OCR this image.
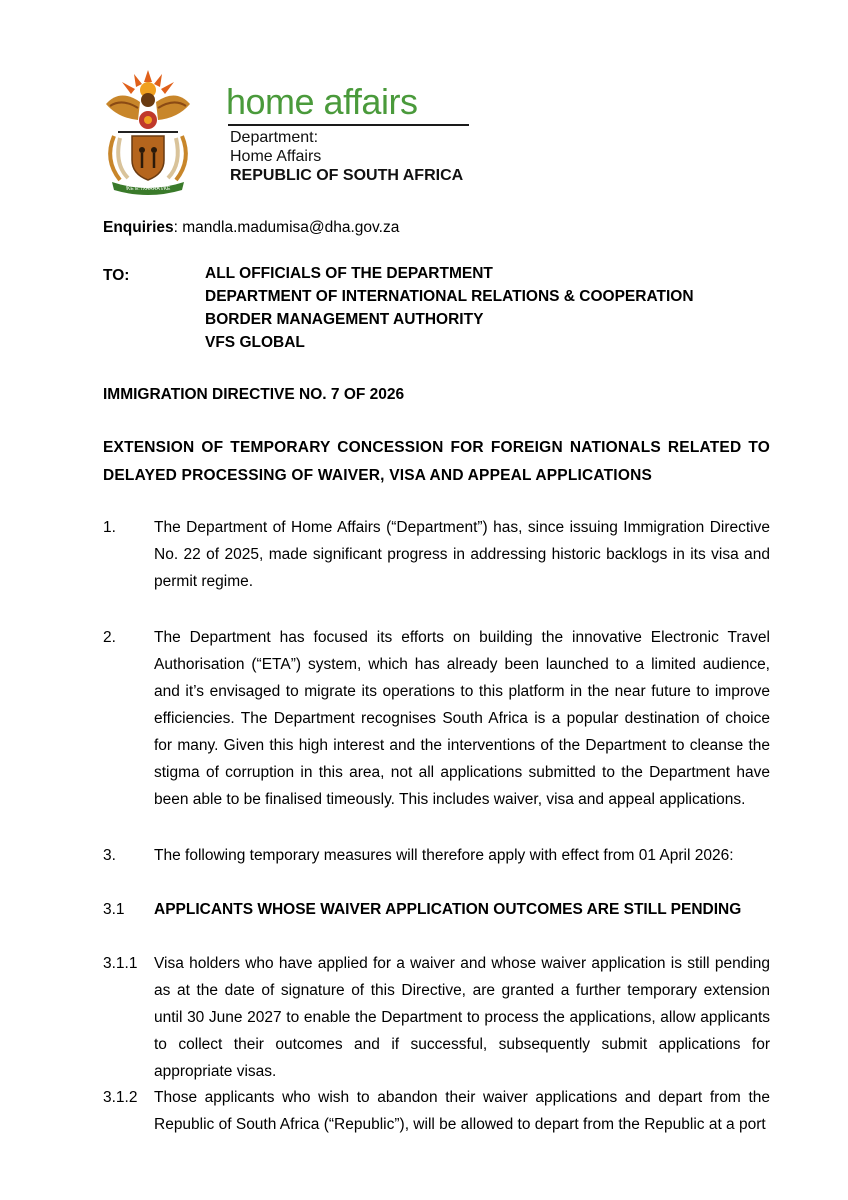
!KE E: /XARRA //KE
home affairs
Department:
Home Affairs
REPUBLIC OF SOUTH AFRICA
Enquiries: mandla.madumisa@dha.gov.za
TO:	ALL OFFICIALS OF THE DEPARTMENT
DEPARTMENT OF INTERNATIONAL RELATIONS & COOPERATION
BORDER MANAGEMENT AUTHORITY
VFS GLOBAL
IMMIGRATION DIRECTIVE NO. 7 OF 2026
EXTENSION OF TEMPORARY CONCESSION FOR FOREIGN NATIONALS RELATED TO DELAYED PROCESSING OF WAIVER, VISA AND APPEAL APPLICATIONS
1. The Department of Home Affairs (“Department”) has, since issuing Immigration Directive No. 22 of 2025, made significant progress in addressing historic backlogs in its visa and permit regime.
2. The Department has focused its efforts on building the innovative Electronic Travel Authorisation (“ETA”) system, which has already been launched to a limited audience, and it’s envisaged to migrate its operations to this platform in the near future to improve efficiencies. The Department recognises South Africa is a popular destination of choice for many. Given this high interest and the interventions of the Department to cleanse the stigma of corruption in this area, not all applications submitted to the Department have been able to be finalised timeously. This includes waiver, visa and appeal applications.
3. The following temporary measures will therefore apply with effect from 01 April 2026:
3.1 APPLICANTS WHOSE WAIVER APPLICATION OUTCOMES ARE STILL PENDING
3.1.1 Visa holders who have applied for a waiver and whose waiver application is still pending as at the date of signature of this Directive, are granted a further temporary extension until 30 June 2027 to enable the Department to process the applications, allow applicants to collect their outcomes and if successful, subsequently submit applications for appropriate visas.
3.1.2 Those applicants who wish to abandon their waiver applications and depart from the Republic of South Africa (“Republic”), will be allowed to depart from the Republic at a port
